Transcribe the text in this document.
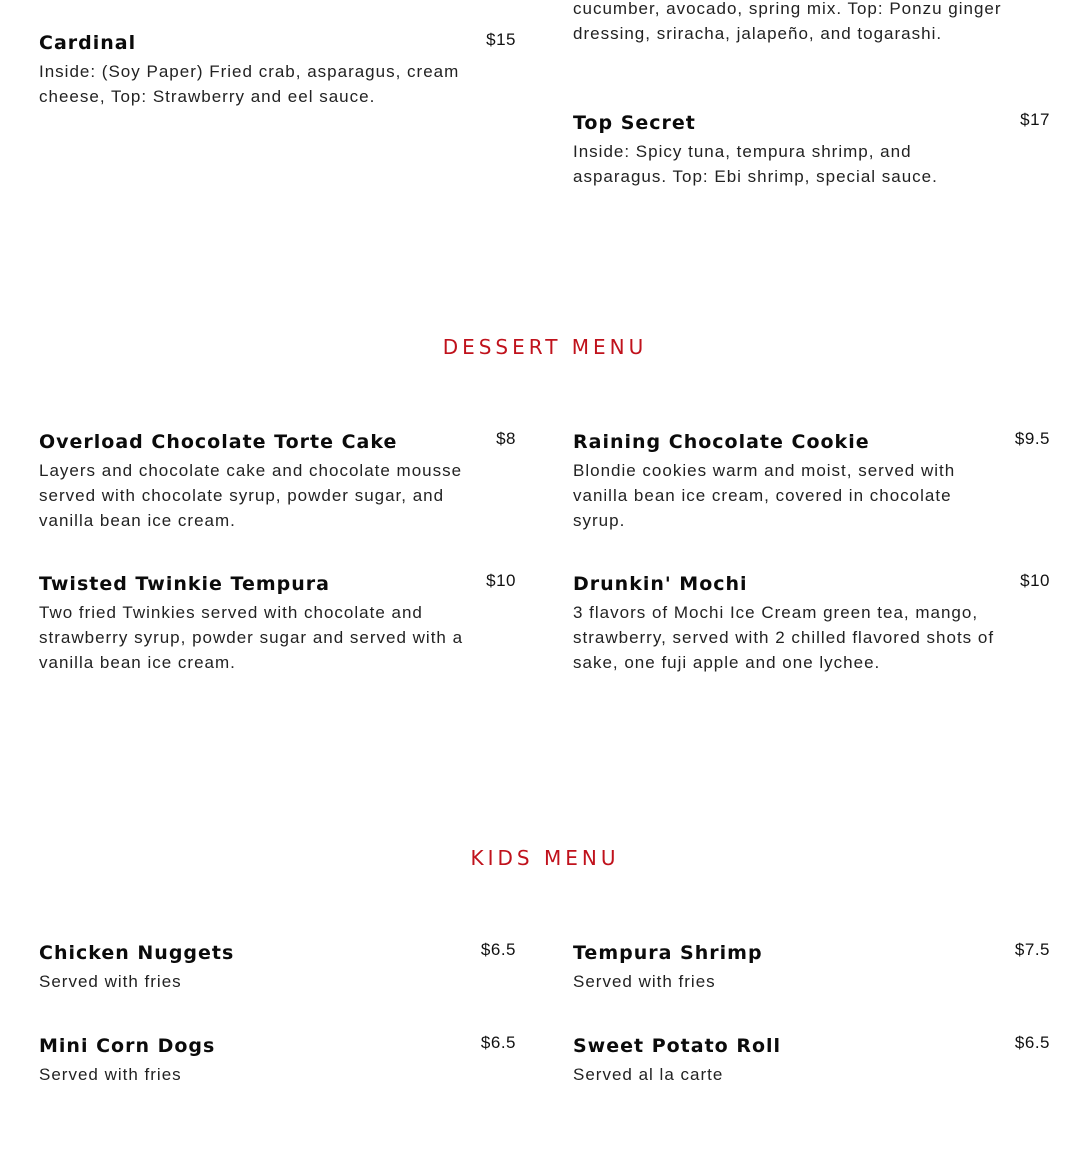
Cardinal	$15
Inside: (Soy Paper) Fried crab, asparagus, cream cheese, Top: Strawberry and eel sauce.
cucumber, avocado, spring mix. Top: Ponzu ginger dressing, sriracha, jalapeño, and togarashi.
Top Secret	$17
Inside: Spicy tuna, tempura shrimp, and asparagus. Top: Ebi shrimp, special sauce.
DESSERT MENU
Overload Chocolate Torte Cake	$8
Layers and chocolate cake and chocolate mousse served with chocolate syrup, powder sugar, and vanilla bean ice cream.
Raining Chocolate Cookie	$9.5
Blondie cookies warm and moist, served with vanilla bean ice cream, covered in chocolate syrup.
Twisted Twinkie Tempura	$10
Two fried Twinkies served with chocolate and strawberry syrup, powder sugar and served with a vanilla bean ice cream.
Drunkin' Mochi	$10
3 flavors of Mochi Ice Cream green tea, mango, strawberry, served with 2 chilled flavored shots of sake, one fuji apple and one lychee.
KIDS MENU
Chicken Nuggets	$6.5
Served with fries
Tempura Shrimp	$7.5
Served with fries
Mini Corn Dogs	$6.5
Served with fries
Sweet Potato Roll	$6.5
Served al la carte
